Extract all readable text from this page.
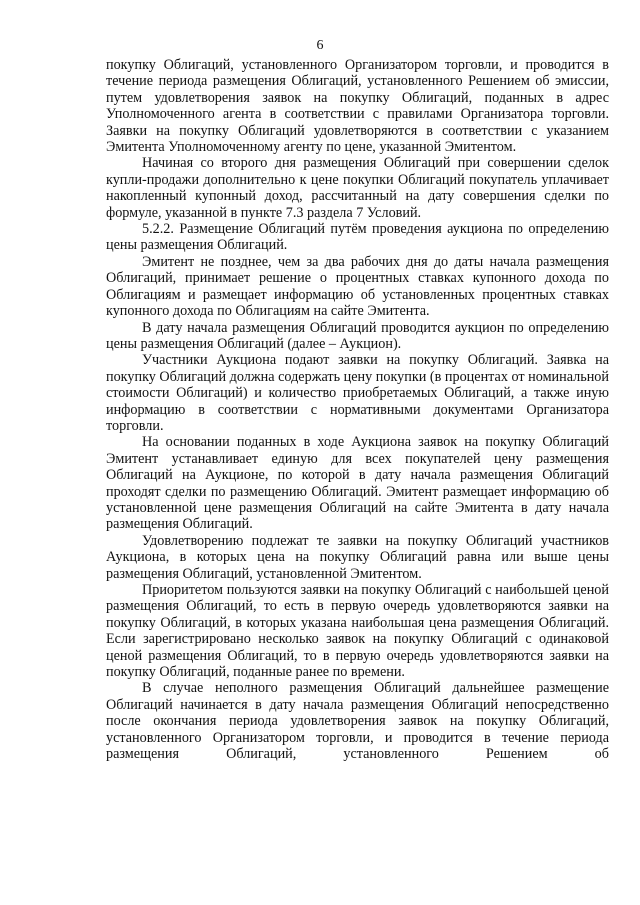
6

покупку Облигаций, установленного Организатором торговли, и проводится в течение периода размещения Облигаций, установленного Решением об эмиссии, путем удовлетворения заявок на покупку Облигаций, поданных в адрес Уполномоченного агента в соответствии с правилами Организатора торговли. Заявки на покупку Облигаций удовлетворяются в соответствии с указанием Эмитента Уполномоченному агенту по цене, указанной Эмитентом.

Начиная со второго дня размещения Облигаций при совершении сделок купли-продажи дополнительно к цене покупки Облигаций покупатель уплачивает накопленный купонный доход, рассчитанный на дату совершения сделки по формуле, указанной в пункте 7.3 раздела 7 Условий.

5.2.2. Размещение Облигаций путём проведения аукциона по определению цены размещения Облигаций.

Эмитент не позднее, чем за два рабочих дня до даты начала размещения Облигаций, принимает решение о процентных ставках купонного дохода по Облигациям и размещает информацию об установленных процентных ставках купонного дохода по Облигациям на сайте Эмитента.

В дату начала размещения Облигаций проводится аукцион по определению цены размещения Облигаций (далее – Аукцион).

Участники Аукциона подают заявки на покупку Облигаций. Заявка на покупку Облигаций должна содержать цену покупки (в процентах от номинальной стоимости Облигаций) и количество приобретаемых Облигаций, а также иную информацию в соответствии с нормативными документами Организатора торговли.

На основании поданных в ходе Аукциона заявок на покупку Облигаций Эмитент устанавливает единую для всех покупателей цену размещения Облигаций на Аукционе, по которой в дату начала размещения Облигаций проходят сделки по размещению Облигаций. Эмитент размещает информацию об установленной цене размещения Облигаций на сайте Эмитента в дату начала размещения Облигаций.

Удовлетворению подлежат те заявки на покупку Облигаций участников Аукциона, в которых цена на покупку Облигаций равна или выше цены размещения Облигаций, установленной Эмитентом.

Приоритетом пользуются заявки на покупку Облигаций с наибольшей ценой размещения Облигаций, то есть в первую очередь удовлетворяются заявки на покупку Облигаций, в которых указана наибольшая цена размещения Облигаций. Если зарегистрировано несколько заявок на покупку Облигаций с одинаковой ценой размещения Облигаций, то в первую очередь удовлетворяются заявки на покупку Облигаций, поданные ранее по времени.

В случае неполного размещения Облигаций дальнейшее размещение Облигаций начинается в дату начала размещения Облигаций непосредственно после окончания периода удовлетворения заявок на покупку Облигаций, установленного Организатором торговли, и проводится в течение периода размещения Облигаций, установленного Решением об
